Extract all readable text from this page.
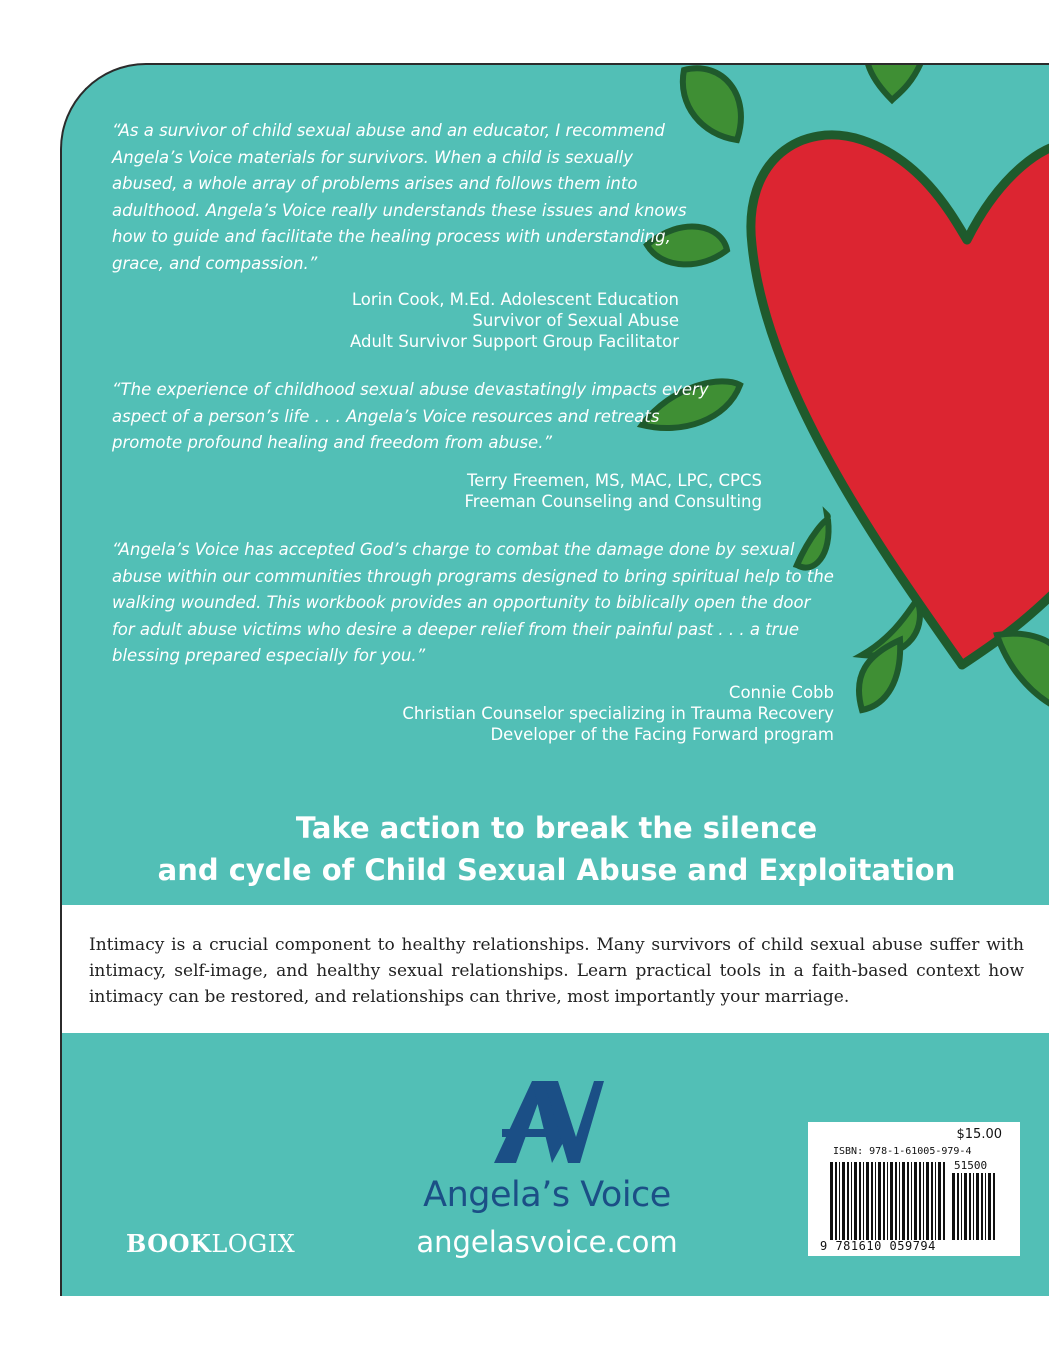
“As a survivor of child sexual abuse and an educator, I recommend Angela’s Voice materials for survivors. When a child is sexually abused, a whole array of problems arises and follows them into adulthood. Angela’s Voice really understands these issues and knows how to guide and facilitate the healing process with understanding, grace, and compassion.”

Lorin Cook, M.Ed. Adolescent Education
Survivor of Sexual Abuse
Adult Survivor Support Group Facilitator

“The experience of childhood sexual abuse devastatingly impacts every aspect of a person’s life . . . Angela’s Voice resources and retreats promote profound healing and freedom from abuse.”

Terry Freemen, MS, MAC, LPC, CPCS
Freeman Counseling and Consulting

“Angela’s Voice has accepted God’s charge to combat the damage done by sexual abuse within our communities through programs designed to bring spiritual help to the walking wounded. This workbook provides an opportunity to biblically open the door for adult abuse victims who desire a deeper relief from their painful past . . . a true blessing prepared especially for you.”

Connie Cobb
Christian Counselor specializing in Trauma Recovery
Developer of the Facing Forward program

Take action to break the silence
and cycle of Child Sexual Abuse and Exploitation

Intimacy is a crucial component to healthy relationships. Many survivors of child sexual abuse suffer with intimacy, self-image, and healthy sexual relationships. Learn practical tools in a faith-based context how intimacy can be restored, and relationships can thrive, most importantly your marriage.

Angela’s Voice
angelasvoice.com
BOOKLOGIX
$15.00
ISBN: 978-1-61005-979-4
51500
9 781610 059794
